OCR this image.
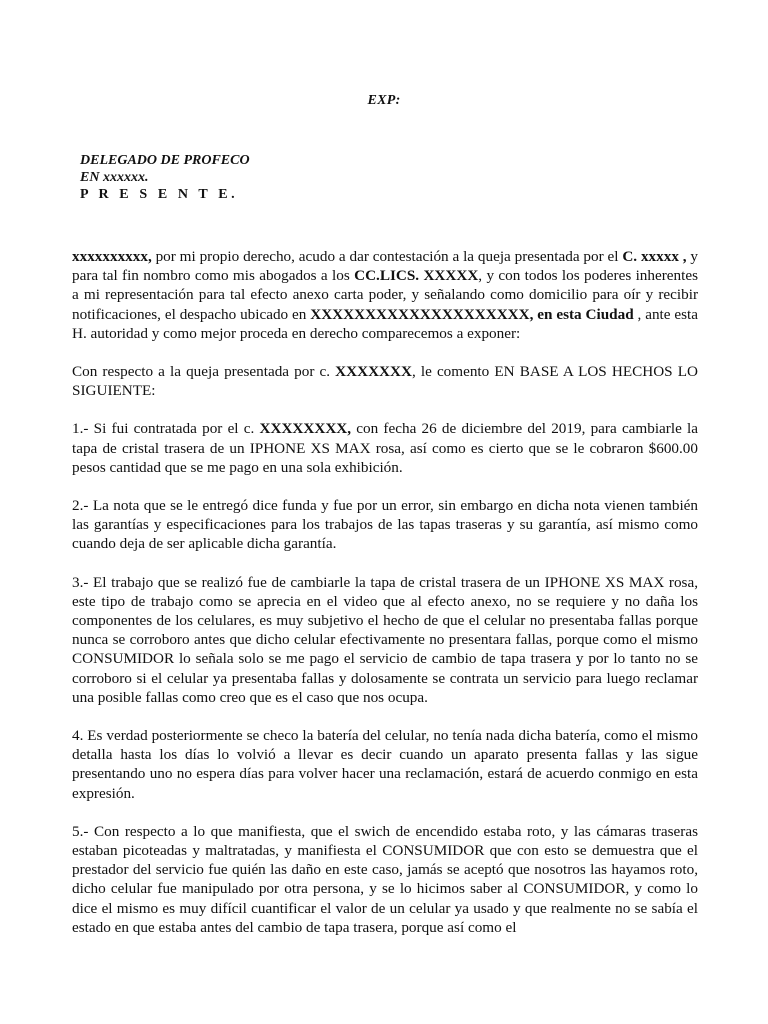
EXP:
DELEGADO DE PROFECO
EN xxxxxx.
P R E S E N T E.

xxxxxxxxxx, por mi propio derecho, acudo a dar contestación a la queja presentada por el C. xxxxx , y para tal fin nombro como mis abogados a los CC.LICS. XXXXX, y con todos los poderes inherentes a mi representación para tal efecto anexo carta poder, y señalando como domicilio para oír y recibir notificaciones, el despacho ubicado en XXXXXXXXXXXXXXXXXXXX, en esta Ciudad , ante esta H. autoridad y como mejor proceda en derecho comparecemos a exponer:

Con respecto a la queja presentada por c. XXXXXXX, le comento EN BASE A LOS HECHOS LO SIGUIENTE:

1.- Si fui contratada por el c. XXXXXXXX, con fecha 26 de diciembre del 2019, para cambiarle la tapa de cristal trasera de un IPHONE XS MAX rosa, así como es cierto que se le cobraron $600.00 pesos cantidad que se me pago en una sola exhibición.

2.- La nota que se le entregó dice funda y fue por un error, sin embargo en dicha nota vienen también las garantías y especificaciones para los trabajos de las tapas traseras y su garantía, así mismo como cuando deja de ser aplicable dicha garantía.

3.- El trabajo que se realizó fue de cambiarle la tapa de cristal trasera de un IPHONE XS MAX rosa, este tipo de trabajo como se aprecia en el video que al efecto anexo, no se requiere y no daña los componentes de los celulares, es muy subjetivo el hecho de que el celular no presentaba fallas porque nunca se corroboro antes que dicho celular efectivamente no presentara fallas, porque como el mismo CONSUMIDOR lo señala solo se me pago el servicio de cambio de tapa trasera y por lo tanto no se corroboro si el celular ya presentaba fallas y dolosamente se contrata un servicio para luego reclamar una posible fallas como creo que es el caso que nos ocupa.

4. Es verdad posteriormente se checo la batería del celular, no tenía nada dicha batería, como el mismo detalla hasta los días lo volvió a llevar es decir cuando un aparato presenta fallas y las sigue presentando uno no espera días para volver hacer una reclamación, estará de acuerdo conmigo en esta expresión.

5.- Con respecto a lo que manifiesta, que el swich de encendido estaba roto, y las cámaras traseras estaban picoteadas y maltratadas, y manifiesta el CONSUMIDOR que con esto se demuestra que el prestador del servicio fue quién las daño en este caso, jamás se aceptó que nosotros las hayamos roto, dicho celular fue manipulado por otra persona, y se lo hicimos saber al CONSUMIDOR, y como lo dice el mismo es muy difícil cuantificar el valor de un celular ya usado y que realmente no se sabía el estado en que estaba antes del cambio de tapa trasera, porque así como el
